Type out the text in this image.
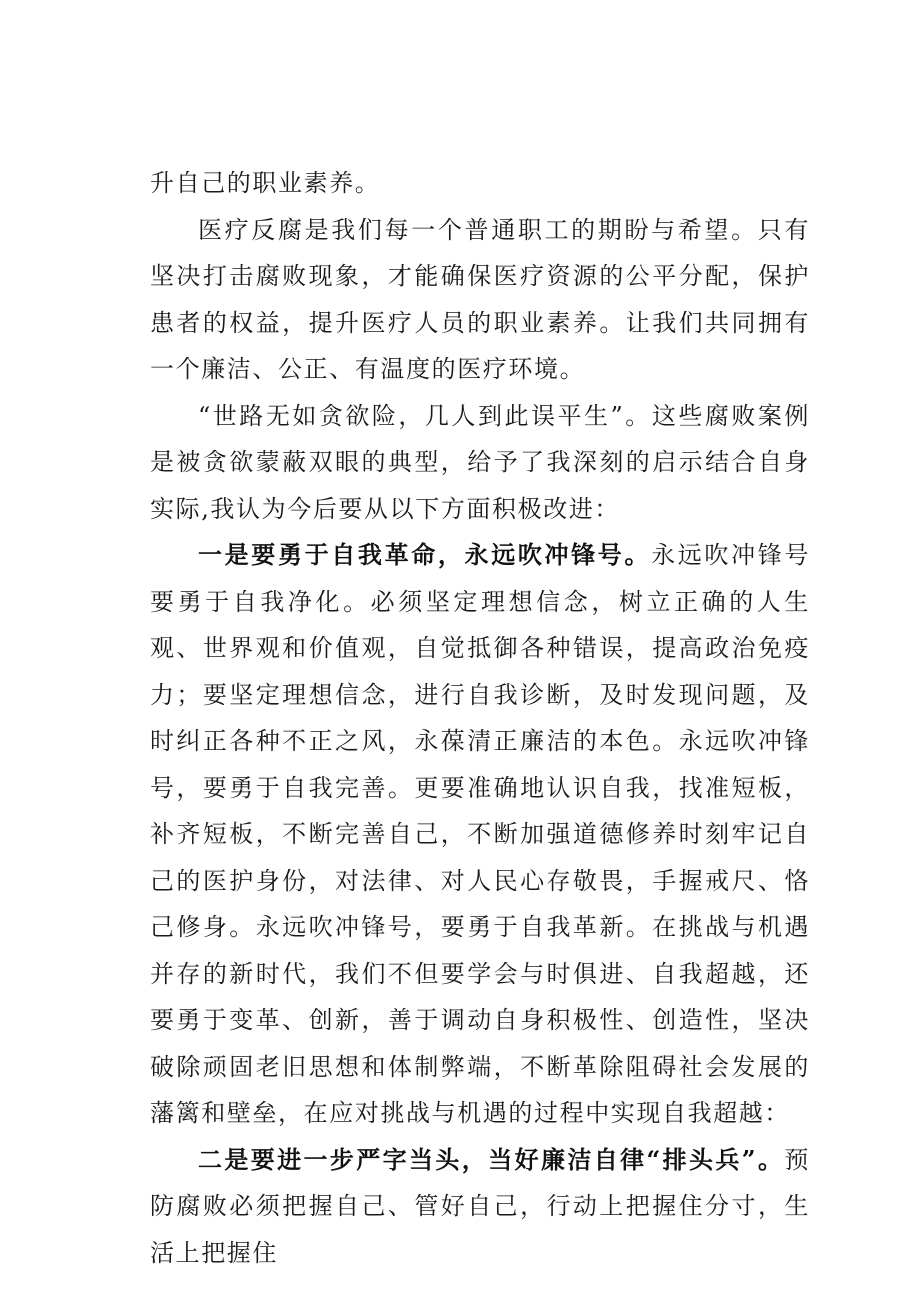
升自己的职业素养。

医疗反腐是我们每一个普通职工的期盼与希望。只有坚决打击腐败现象，才能确保医疗资源的公平分配，保护患者的权益，提升医疗人员的职业素养。让我们共同拥有一个廉洁、公正、有温度的医疗环境。

“世路无如贪欲险，几人到此误平生”。这些腐败案例是被贪欲蒙蔽双眼的典型，给予了我深刻的启示结合自身实际,我认为今后要从以下方面积极改进：

一是要勇于自我革命，永远吹冲锋号。永远吹冲锋号要勇于自我净化。必须坚定理想信念，树立正确的人生观、世界观和价值观，自觉抵御各种错误，提高政治免疫力；要坚定理想信念，进行自我诊断，及时发现问题，及时纠正各种不正之风，永葆清正廉洁的本色。永远吹冲锋号，要勇于自我完善。更要准确地认识自我，找准短板，补齐短板，不断完善自己，不断加强道德修养时刻牢记自己的医护身份，对法律、对人民心存敬畏，手握戒尺、恪己修身。永远吹冲锋号，要勇于自我革新。在挑战与机遇并存的新时代，我们不但要学会与时俱进、自我超越，还要勇于变革、创新，善于调动自身积极性、创造性，坚决破除顽固老旧思想和体制弊端，不断革除阻碍社会发展的藩篱和壁垒，在应对挑战与机遇的过程中实现自我超越：

二是要进一步严字当头，当好廉洁自律“排头兵”。预防腐败必须把握自己、管好自己，行动上把握住分寸，生活上把握住
